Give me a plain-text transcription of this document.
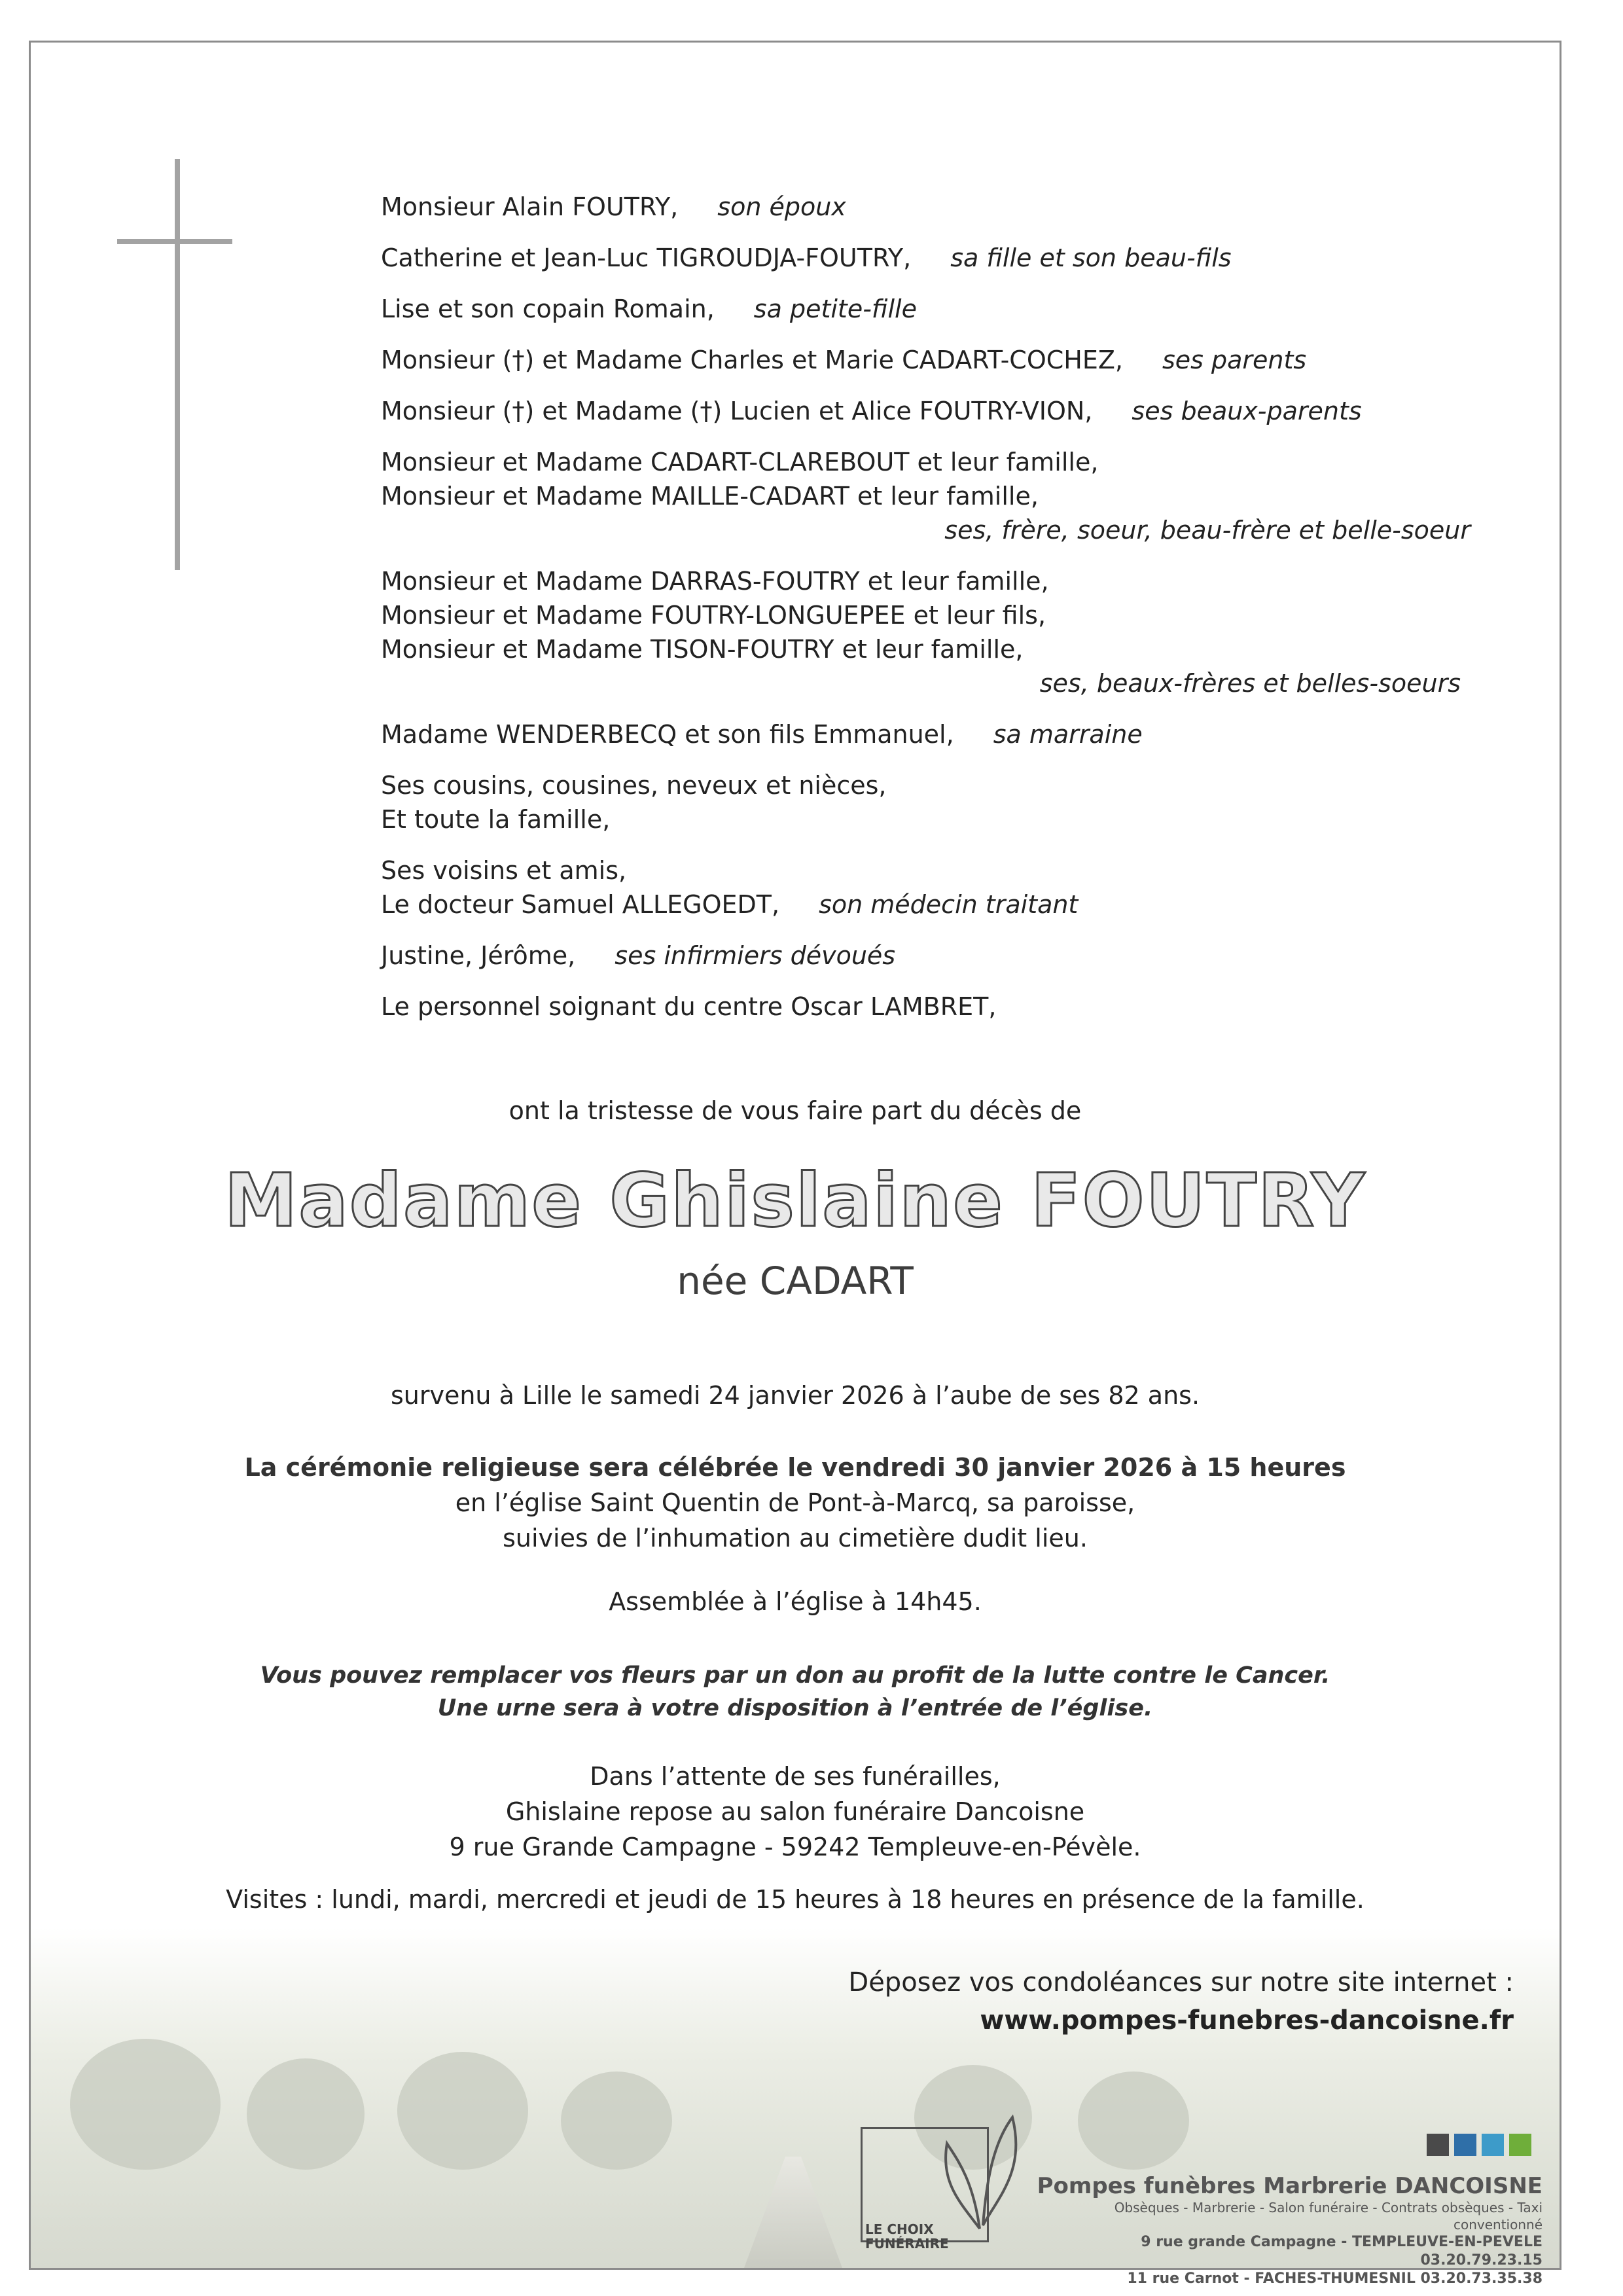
Monsieur Alain FOUTRY, son époux
Catherine et Jean-Luc TIGROUDJA-FOUTRY, sa fille et son beau-fils
Lise et son copain Romain, sa petite-fille
Monsieur (†) et Madame Charles et Marie CADART-COCHEZ, ses parents
Monsieur (†) et Madame (†) Lucien et Alice FOUTRY-VION, ses beaux-parents
Monsieur et Madame CADART-CLAREBOUT et leur famille,
Monsieur et Madame MAILLE-CADART et leur famille,
ses, frère, soeur, beau-frère et belle-soeur
Monsieur et Madame DARRAS-FOUTRY et leur famille,
Monsieur et Madame FOUTRY-LONGUEPEE et leur fils,
Monsieur et Madame TISON-FOUTRY et leur famille,
ses, beaux-frères et belles-soeurs
Madame WENDERBECQ et son fils Emmanuel, sa marraine
Ses cousins, cousines, neveux et nièces,
Et toute la famille,
Ses voisins et amis,
Le docteur Samuel ALLEGOEDT, son médecin traitant
Justine, Jérôme, ses infirmiers dévoués
Le personnel soignant du centre Oscar LAMBRET,
ont la tristesse de vous faire part du décès de
Madame Ghislaine FOUTRY
née CADART
survenu à Lille le samedi 24 janvier 2026 à l’aube de ses 82 ans.
La cérémonie religieuse sera célébrée le vendredi 30 janvier 2026 à 15 heures
en l’église Saint Quentin de Pont-à-Marcq, sa paroisse,
suivies de l’inhumation au cimetière dudit lieu.
Assemblée à l’église à 14h45.
Vous pouvez remplacer vos fleurs par un don au profit de la lutte contre le Cancer.
Une urne sera à votre disposition à l’entrée de l’église.
Dans l’attente de ses funérailles,
Ghislaine repose au salon funéraire Dancoisne
9 rue Grande Campagne - 59242 Templeuve-en-Pévèle.
Visites : lundi, mardi, mercredi et jeudi de 15 heures à 18 heures en présence de la famille.
Déposez vos condoléances sur notre site internet :
www.pompes-funebres-dancoisne.fr
LE CHOIX
FUNÉRAIRE
Pompes funèbres Marbrerie DANCOISNE
Obsèques - Marbrerie - Salon funéraire - Contrats obsèques - Taxi conventionné
9 rue grande Campagne - TEMPLEUVE-EN-PEVELE 03.20.79.23.15
11 rue Carnot - FACHES-THUMESNIL 03.20.73.35.38
